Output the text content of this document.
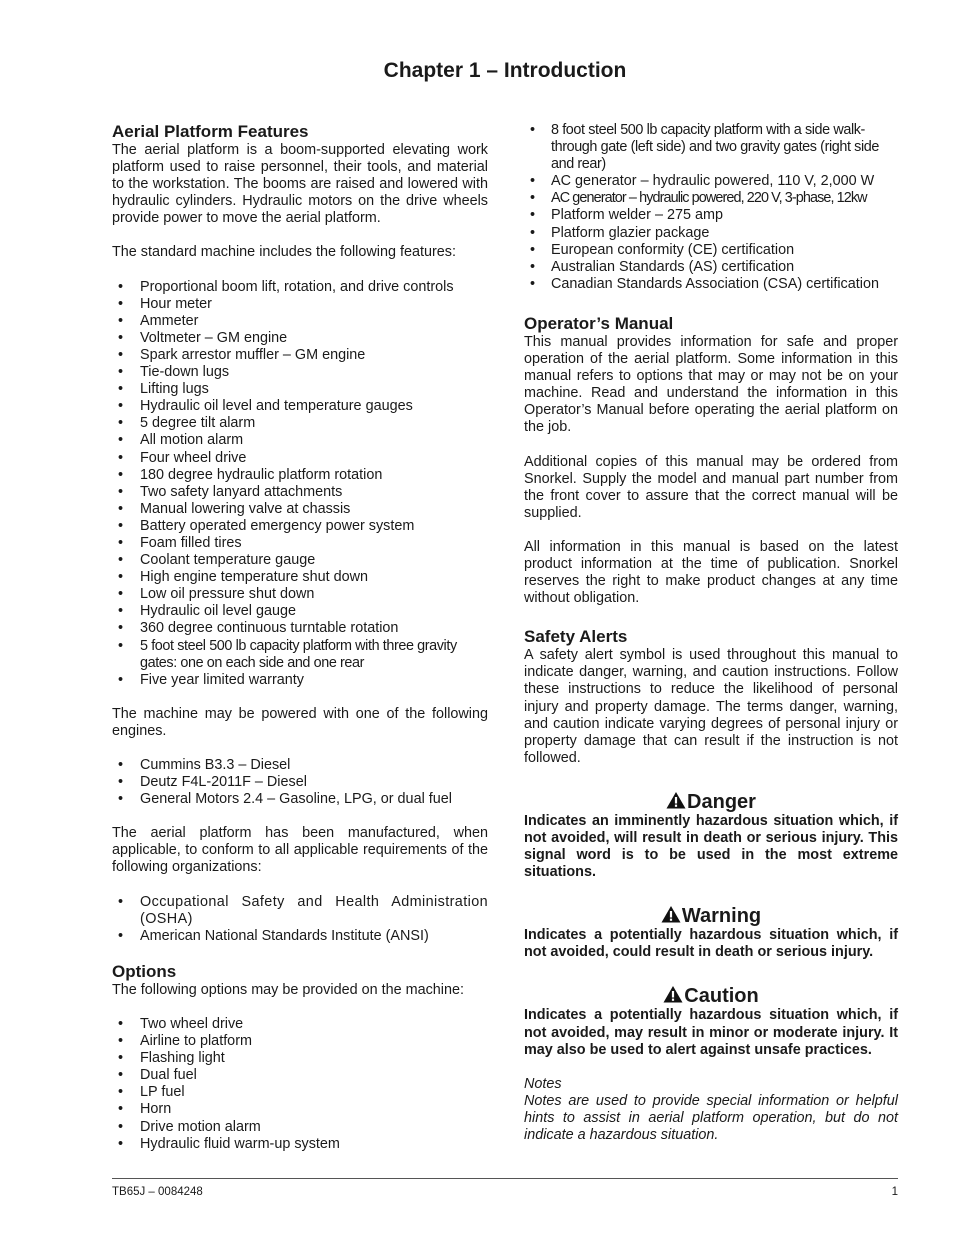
Chapter 1 – Introduction
Aerial Platform Features

The aerial platform is a boom-supported elevating work platform used to raise personnel, their tools, and material to the workstation. The booms are raised and lowered with hydraulic cylinders. Hydraulic motors on the drive wheels provide power to move the aerial platform.

The standard machine includes the following features:

• Proportional boom lift, rotation, and drive controls
• Hour meter
• Ammeter
• Voltmeter – GM engine
• Spark arrestor muffler – GM engine
• Tie-down lugs
• Lifting lugs
• Hydraulic oil level and temperature gauges
• 5 degree tilt alarm
• All motion alarm
• Four wheel drive
• 180 degree hydraulic platform rotation
• Two safety lanyard attachments
• Manual lowering valve at chassis
• Battery operated emergency power system
• Foam filled tires
• Coolant temperature gauge
• High engine temperature shut down
• Low oil pressure shut down
• Hydraulic oil level gauge
• 360 degree continuous turntable rotation
• 5 foot steel 500 lb capacity platform with three gravity gates: one on each side and one rear
• Five year limited warranty

The machine may be powered with one of the following engines.

• Cummins B3.3 – Diesel
• Deutz F4L-2011F – Diesel
• General Motors 2.4 – Gasoline, LPG, or dual fuel

The aerial platform has been manufactured, when applicable, to conform to all applicable requirements of the following organizations:

• Occupational Safety and Health Administration (OSHA)
• American National Standards Institute (ANSI)
Options

The following options may be provided on the machine:

• Two wheel drive
• Airline to platform
• Flashing light
• Dual fuel
• LP fuel
• Horn
• Drive motion alarm
• Hydraulic fluid warm-up system
• 8 foot steel 500 lb capacity platform with a side walk-through gate (left side) and two gravity gates (right side and rear)
• AC generator – hydraulic powered, 110 V, 2,000 W
• AC generator – hydraulic powered, 220 V, 3-phase, 12kw
• Platform welder – 275 amp
• Platform glazier package
• European conformity (CE) certification
• Australian Standards (AS) certification
• Canadian Standards Association (CSA) certification
Operator’s Manual

This manual provides information for safe and proper operation of the aerial platform. Some information in this manual refers to options that may or may not be on your machine. Read and understand the information in this Operator’s Manual before operating the aerial platform on the job.

Additional copies of this manual may be ordered from Snorkel. Supply the model and manual part number from the front cover to assure that the correct manual will be supplied.

All information in this manual is based on the latest product information at the time of publication. Snorkel reserves the right to make product changes at any time without obligation.

Safety Alerts

A safety alert symbol is used throughout this manual to indicate danger, warning, and caution instructions. Follow these instructions to reduce the likelihood of personal injury and property damage. The terms danger, warning, and caution indicate varying degrees of personal injury or property damage that can result if the instruction is not followed.

Danger

Indicates an imminently hazardous situation which, if not avoided, will result in death or serious injury. This signal word is to be used in the most extreme situations.

Warning

Indicates a potentially hazardous situation which, if not avoided, could result in death or serious injury.

Caution

Indicates a potentially hazardous situation which, if not avoided, may result in minor or moderate injury. It may also be used to alert against unsafe practices.

Notes

Notes are used to provide special information or helpful hints to assist in aerial platform operation, but do not indicate a hazardous situation.

TB65J – 0084248	1
